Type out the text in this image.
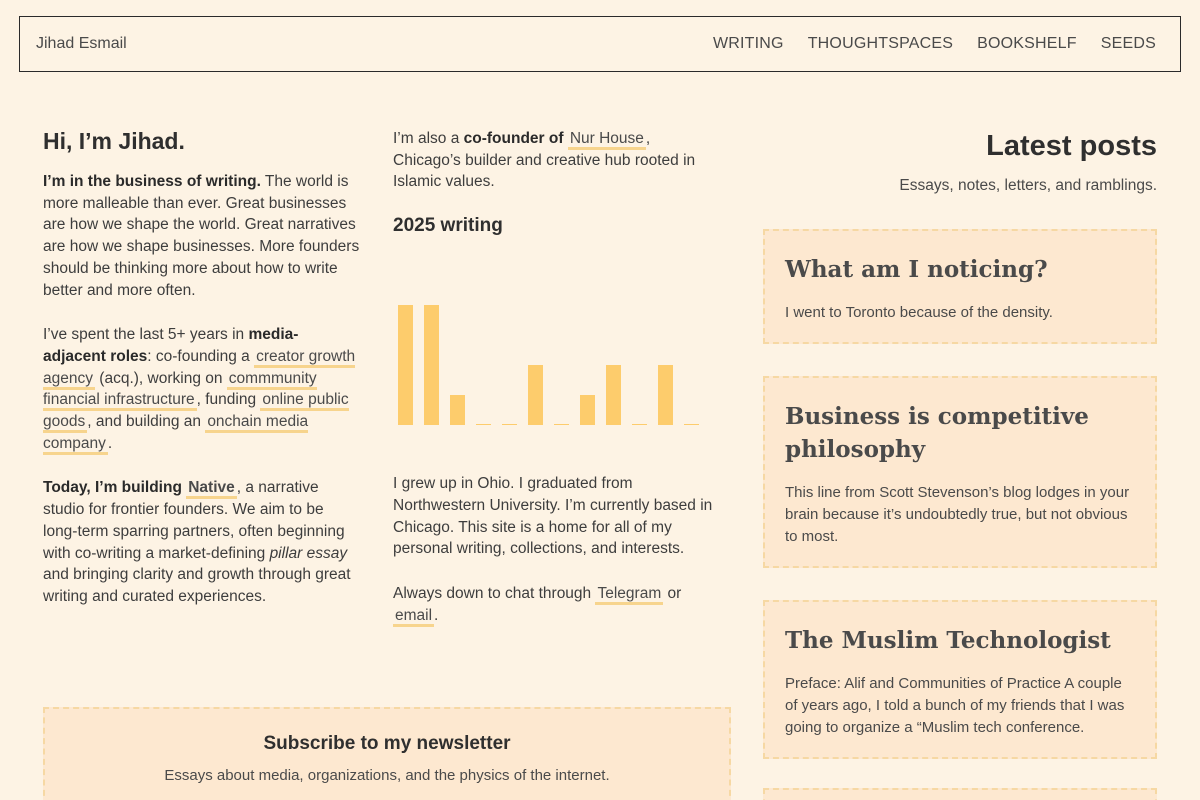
Jihad Esmail	WRITING THOUGHTSPACES BOOKSHELF SEEDS
Hi, I’m Jihad.

I’m in the business of writing. The world is more malleable than ever. Great businesses are how we shape the world. Great narratives are how we shape businesses. More founders should be thinking more about how to write better and more often.

I’ve spent the last 5+ years in media-adjacent roles: co-founding a creator growth agency (acq.), working on commmunity financial infrastructure , funding online public goods , and building an onchain media company .

Today, I’m building Native , a narrative studio for frontier founders. We aim to be long-term sparring partners, often beginning with co-writing a market-defining pillar essay and bringing clarity and growth through great writing and curated experiences.

I’m also a co-founder of Nur House , Chicago’s builder and creative hub rooted in Islamic values.

2025 writing

I grew up in Ohio. I graduated from Northwestern University. I’m currently based in Chicago. This site is a home for all of my personal writing, collections, and interests.

Always down to chat through Telegram or email .

Latest posts

Essays, notes, letters, and ramblings.

What am I noticing?
I went to Toronto because of the density.
Business is competitive philosophy
This line from Scott Stevenson’s blog lodges in your brain because it’s undoubtedly true, but not obvious to most.
The Muslim Technologist
Preface: Alif and Communities of Practice A couple of years ago, I told a bunch of my friends that I was going to organize a “Muslim tech conference.
Subscribe to my newsletter

Essays about media, organizations, and the physics of the internet.
